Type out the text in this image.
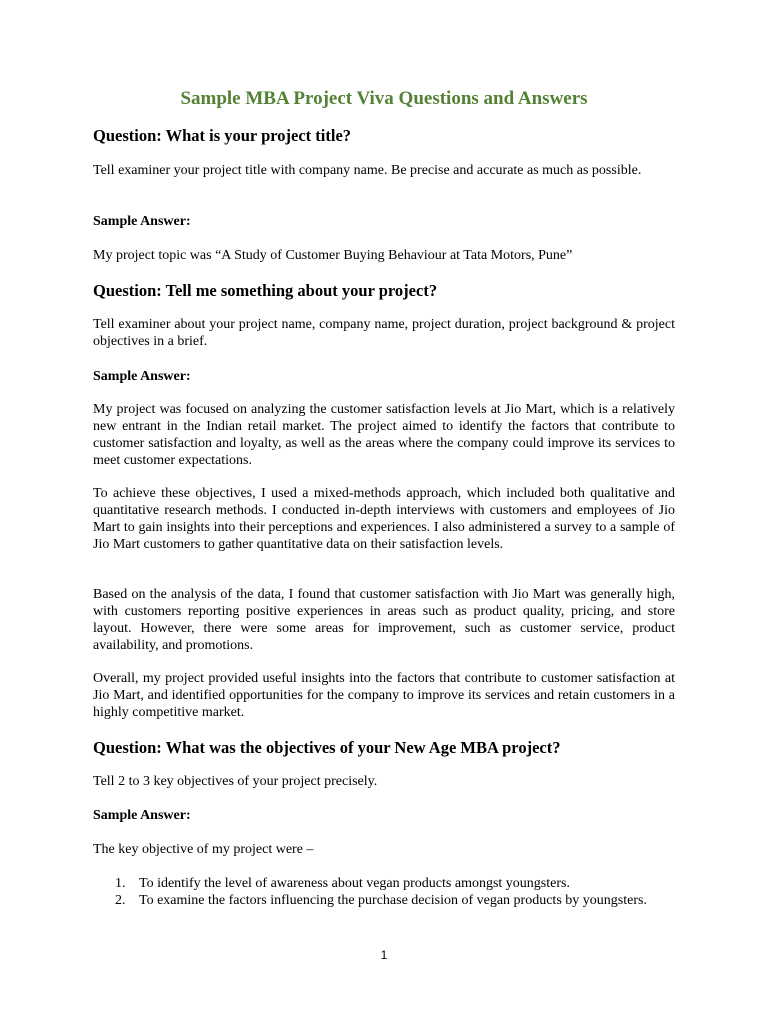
Sample MBA Project Viva Questions and Answers
Question: What is your project title?

Tell examiner your project title with company name. Be precise and accurate as much as possible.

Sample Answer:

My project topic was “A Study of Customer Buying Behaviour at Tata Motors, Pune”

Question: Tell me something about your project?

Tell examiner about your project name, company name, project duration, project background & project objectives in a brief.

Sample Answer:

My project was focused on analyzing the customer satisfaction levels at Jio Mart, which is a relatively new entrant in the Indian retail market. The project aimed to identify the factors that contribute to customer satisfaction and loyalty, as well as the areas where the company could improve its services to meet customer expectations.

To achieve these objectives, I used a mixed-methods approach, which included both qualitative and quantitative research methods. I conducted in-depth interviews with customers and employees of Jio Mart to gain insights into their perceptions and experiences. I also administered a survey to a sample of Jio Mart customers to gather quantitative data on their satisfaction levels.

Based on the analysis of the data, I found that customer satisfaction with Jio Mart was generally high, with customers reporting positive experiences in areas such as product quality, pricing, and store layout. However, there were some areas for improvement, such as customer service, product availability, and promotions.

Overall, my project provided useful insights into the factors that contribute to customer satisfaction at Jio Mart, and identified opportunities for the company to improve its services and retain customers in a highly competitive market.

Question: What was the objectives of your New Age MBA project?

Tell 2 to 3 key objectives of your project precisely.

Sample Answer:

The key objective of my project were –

1. To identify the level of awareness about vegan products amongst youngsters.
2. To examine the factors influencing the purchase decision of vegan products by youngsters.
1
